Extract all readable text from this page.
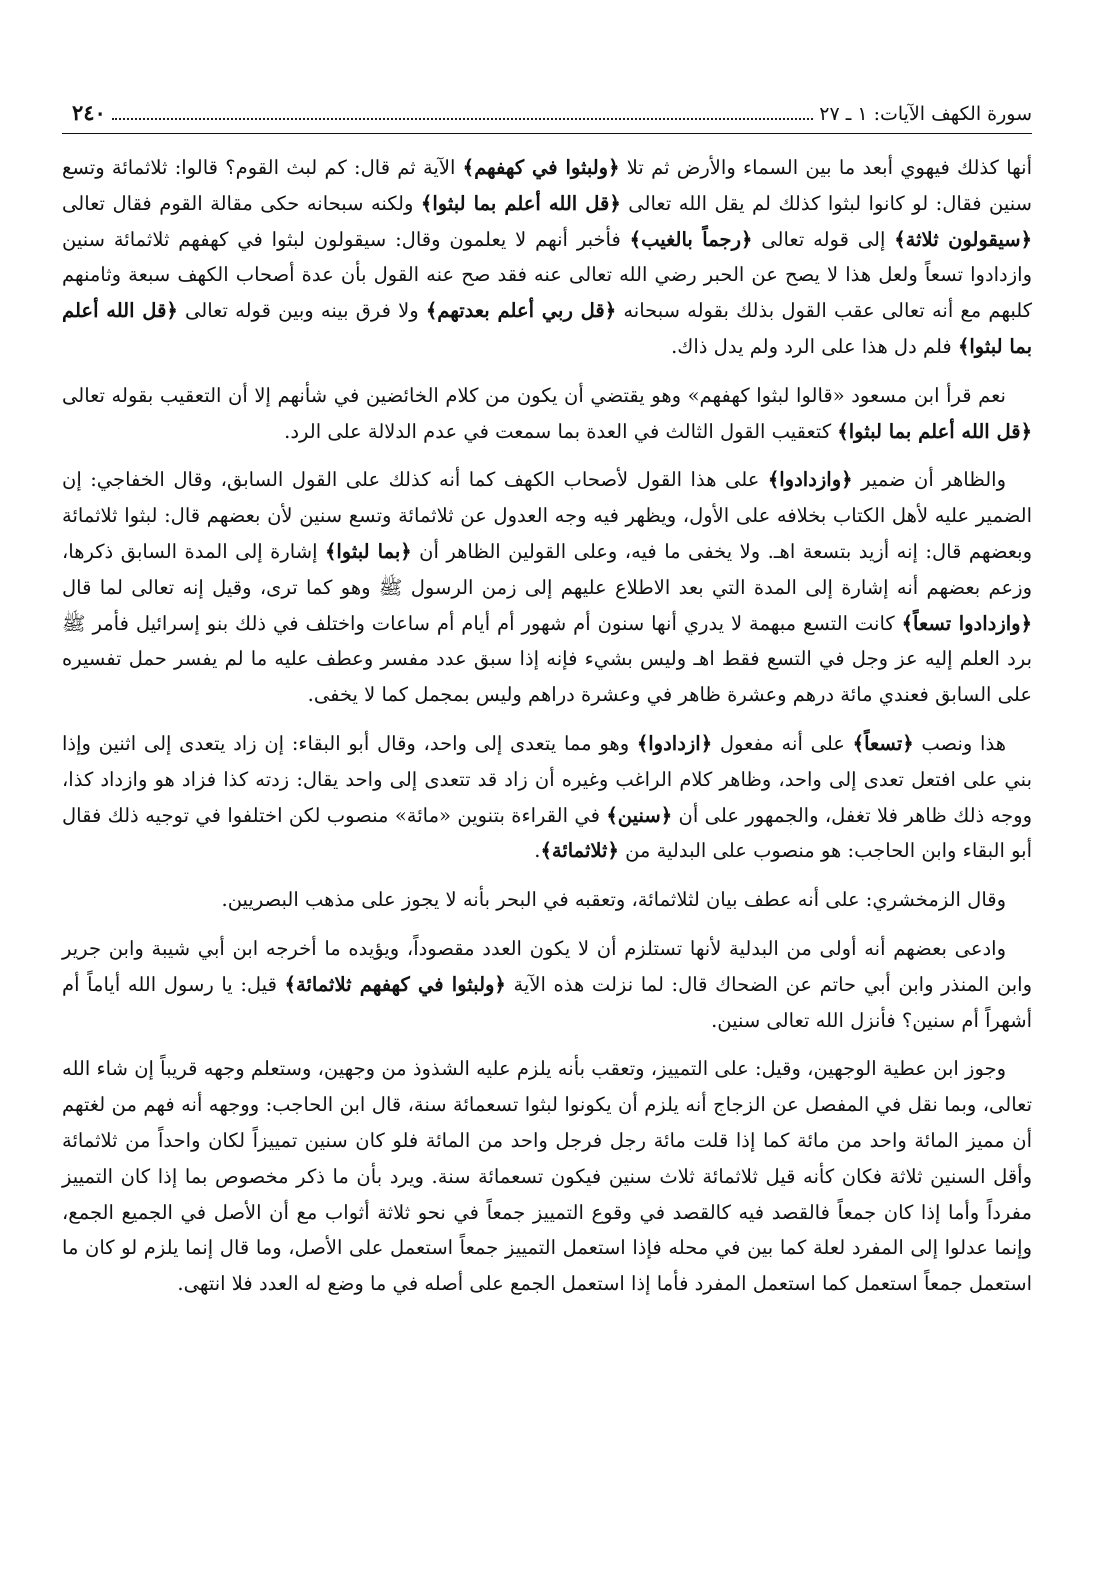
سورة الكهف الآيات: ١ ـ ٢٧
٢٤٠

أنها كذلك فيهوي أبعد ما بين السماء والأرض ثم تلا ﴿ولبثوا في كهفهم﴾ الآية ثم قال: كم لبث القوم؟ قالوا: ثلاثمائة وتسع سنين فقال: لو كانوا لبثوا كذلك لم يقل الله تعالى ﴿قل الله أعلم بما لبثوا﴾ ولكنه سبحانه حكى مقالة القوم فقال تعالى ﴿سيقولون ثلاثة﴾ إلى قوله تعالى ﴿رجماً بالغيب﴾ فأخبر أنهم لا يعلمون وقال: سيقولون لبثوا في كهفهم ثلاثمائة سنين وازدادوا تسعاً ولعل هذا لا يصح عن الحبر رضي الله تعالى عنه فقد صح عنه القول بأن عدة أصحاب الكهف سبعة وثامنهم كلبهم مع أنه تعالى عقب القول بذلك بقوله سبحانه ﴿قل ربي أعلم بعدتهم﴾ ولا فرق بينه وبين قوله تعالى ﴿قل الله أعلم بما لبثوا﴾ فلم دل هذا على الرد ولم يدل ذاك.

نعم قرأ ابن مسعود «قالوا لبثوا كهفهم» وهو يقتضي أن يكون من كلام الخائضين في شأنهم إلا أن التعقيب بقوله تعالى ﴿قل الله أعلم بما لبثوا﴾ كتعقيب القول الثالث في العدة بما سمعت في عدم الدلالة على الرد.

والظاهر أن ضمير ﴿وازدادوا﴾ على هذا القول لأصحاب الكهف كما أنه كذلك على القول السابق، وقال الخفاجي: إن الضمير عليه لأهل الكتاب بخلافه على الأول، ويظهر فيه وجه العدول عن ثلاثمائة وتسع سنين لأن بعضهم قال: لبثوا ثلاثمائة وبعضهم قال: إنه أزيد بتسعة اهـ. ولا يخفى ما فيه، وعلى القولين الظاهر أن ﴿بما لبثوا﴾ إشارة إلى المدة السابق ذكرها، وزعم بعضهم أنه إشارة إلى المدة التي بعد الاطلاع عليهم إلى زمن الرسول ﷺ وهو كما ترى، وقيل إنه تعالى لما قال ﴿وازدادوا تسعاً﴾ كانت التسع مبهمة لا يدري أنها سنون أم شهور أم أيام أم ساعات واختلف في ذلك بنو إسرائيل فأمر ﷺ برد العلم إليه عز وجل في التسع فقط اهـ وليس بشيء فإنه إذا سبق عدد مفسر وعطف عليه ما لم يفسر حمل تفسيره على السابق فعندي مائة درهم وعشرة ظاهر في وعشرة دراهم وليس بمجمل كما لا يخفى.

هذا ونصب ﴿تسعاً﴾ على أنه مفعول ﴿ازدادوا﴾ وهو مما يتعدى إلى واحد، وقال أبو البقاء: إن زاد يتعدى إلى اثنين وإذا بني على افتعل تعدى إلى واحد، وظاهر كلام الراغب وغيره أن زاد قد تتعدى إلى واحد يقال: زدته كذا فزاد هو وازداد كذا، ووجه ذلك ظاهر فلا تغفل، والجمهور على أن ﴿سنين﴾ في القراءة بتنوين «مائة» منصوب لكن اختلفوا في توجيه ذلك فقال أبو البقاء وابن الحاجب: هو منصوب على البدلية من ﴿ثلاثمائة﴾.

وقال الزمخشري: على أنه عطف بيان لثلاثمائة، وتعقبه في البحر بأنه لا يجوز على مذهب البصريين.

وادعى بعضهم أنه أولى من البدلية لأنها تستلزم أن لا يكون العدد مقصوداً، ويؤيده ما أخرجه ابن أبي شيبة وابن جرير وابن المنذر وابن أبي حاتم عن الضحاك قال: لما نزلت هذه الآية ﴿ولبثوا في كهفهم ثلاثمائة﴾ قيل: يا رسول الله أياماً أم أشهراً أم سنين؟ فأنزل الله تعالى سنين.

وجوز ابن عطية الوجهين، وقيل: على التمييز، وتعقب بأنه يلزم عليه الشذوذ من وجهين، وستعلم وجهه قريباً إن شاء الله تعالى، وبما نقل في المفصل عن الزجاج أنه يلزم أن يكونوا لبثوا تسعمائة سنة، قال ابن الحاجب: ووجهه أنه فهم من لغتهم أن مميز المائة واحد من مائة كما إذا قلت مائة رجل فرجل واحد من المائة فلو كان سنين تمييزاً لكان واحداً من ثلاثمائة وأقل السنين ثلاثة فكان كأنه قيل ثلاثمائة ثلاث سنين فيكون تسعمائة سنة. ويرد بأن ما ذكر مخصوص بما إذا كان التمييز مفرداً وأما إذا كان جمعاً فالقصد فيه كالقصد في وقوع التمييز جمعاً في نحو ثلاثة أثواب مع أن الأصل في الجميع الجمع، وإنما عدلوا إلى المفرد لعلة كما بين في محله فإذا استعمل التمييز جمعاً استعمل على الأصل، وما قال إنما يلزم لو كان ما استعمل جمعاً استعمل كما استعمل المفرد فأما إذا استعمل الجمع على أصله في ما وضع له العدد فلا انتهى.
